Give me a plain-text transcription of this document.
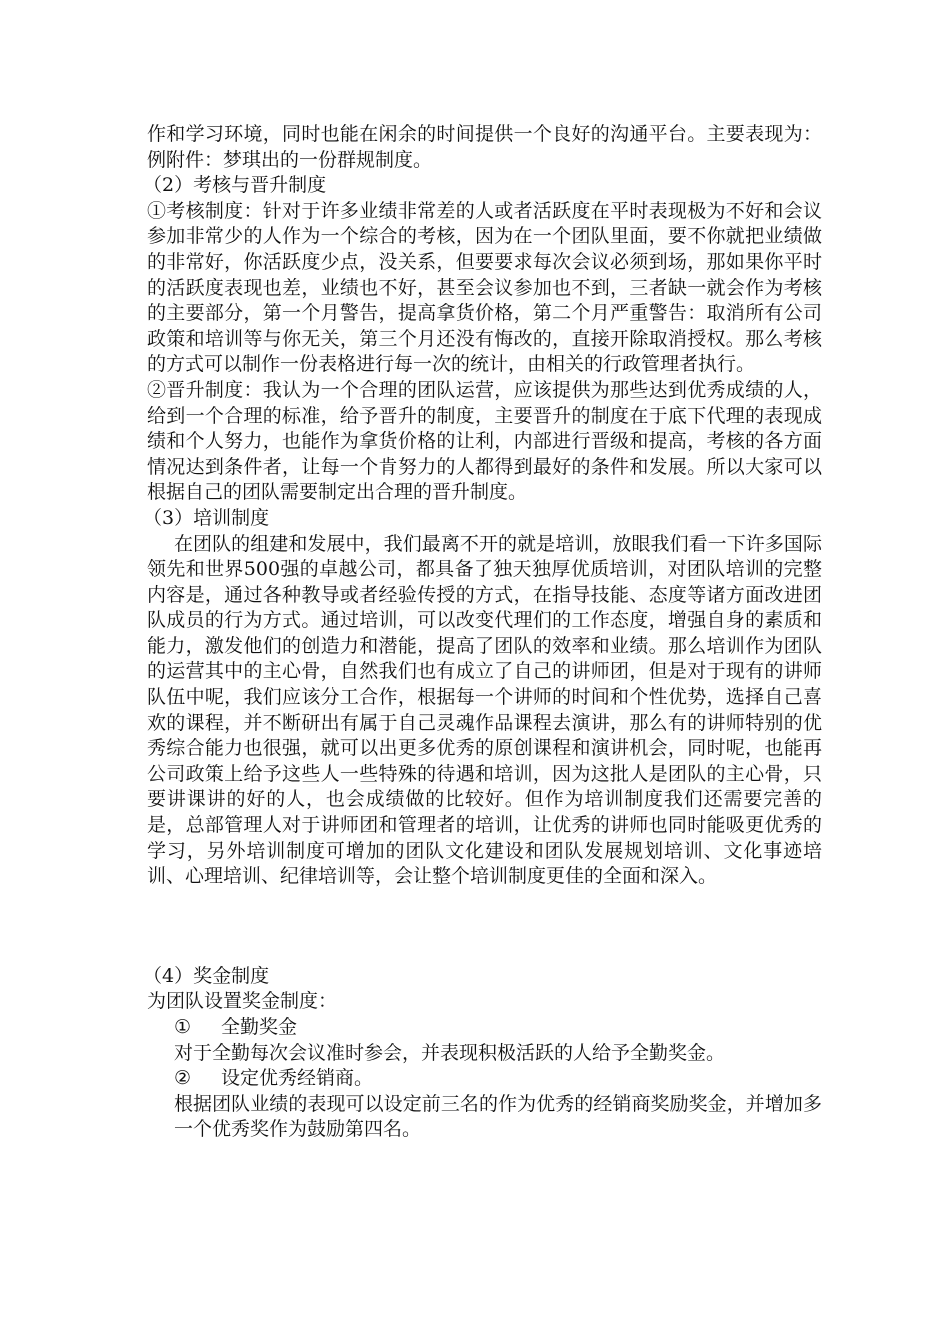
作和学习环境，同时也能在闲余的时间提供一个良好的沟通平台。主要表现为：例附件：梦琪出的一份群规制度。

（2）考核与晋升制度

①考核制度：针对于许多业绩非常差的人或者活跃度在平时表现极为不好和会议参加非常少的人作为一个综合的考核，因为在一个团队里面，要不你就把业绩做的非常好，你活跃度少点，没关系，但要要求每次会议必须到场，那如果你平时的活跃度表现也差，业绩也不好，甚至会议参加也不到，三者缺一就会作为考核的主要部分，第一个月警告，提高拿货价格，第二个月严重警告：取消所有公司政策和培训等与你无关，第三个月还没有悔改的，直接开除取消授权。那么考核的方式可以制作一份表格进行每一次的统计，由相关的行政管理者执行。

②晋升制度：我认为一个合理的团队运营，应该提供为那些达到优秀成绩的人，给到一个合理的标准，给予晋升的制度，主要晋升的制度在于底下代理的表现成绩和个人努力，也能作为拿货价格的让利，内部进行晋级和提高，考核的各方面情况达到条件者，让每一个肯努力的人都得到最好的条件和发展。所以大家可以根据自己的团队需要制定出合理的晋升制度。

（3）培训制度

在团队的组建和发展中，我们最离不开的就是培训，放眼我们看一下许多国际领先和世界500强的卓越公司，都具备了独天独厚优质培训，对团队培训的完整内容是，通过各种教导或者经验传授的方式，在指导技能、态度等诸方面改进团队成员的行为方式。通过培训，可以改变代理们的工作态度，增强自身的素质和能力，激发他们的创造力和潜能，提高了团队的效率和业绩。那么培训作为团队的运营其中的主心骨，自然我们也有成立了自己的讲师团，但是对于现有的讲师队伍中呢，我们应该分工合作，根据每一个讲师的时间和个性优势，选择自己喜欢的课程，并不断研出有属于自己灵魂作品课程去演讲，那么有的讲师特别的优秀综合能力也很强，就可以出更多优秀的原创课程和演讲机会，同时呢，也能再公司政策上给予这些人一些特殊的待遇和培训，因为这批人是团队的主心骨，只要讲课讲的好的人，也会成绩做的比较好。但作为培训制度我们还需要完善的是，总部管理人对于讲师团和管理者的培训，让优秀的讲师也同时能吸更优秀的学习，另外培训制度可增加的团队文化建设和团队发展规划培训、文化事迹培训、心理培训、纪律培训等，会让整个培训制度更佳的全面和深入。

（4）奖金制度

为团队设置奖金制度：

① 全勤奖金

对于全勤每次会议准时参会，并表现积极活跃的人给予全勤奖金。

② 设定优秀经销商。

根据团队业绩的表现可以设定前三名的作为优秀的经销商奖励奖金，并增加多一个优秀奖作为鼓励第四名。
